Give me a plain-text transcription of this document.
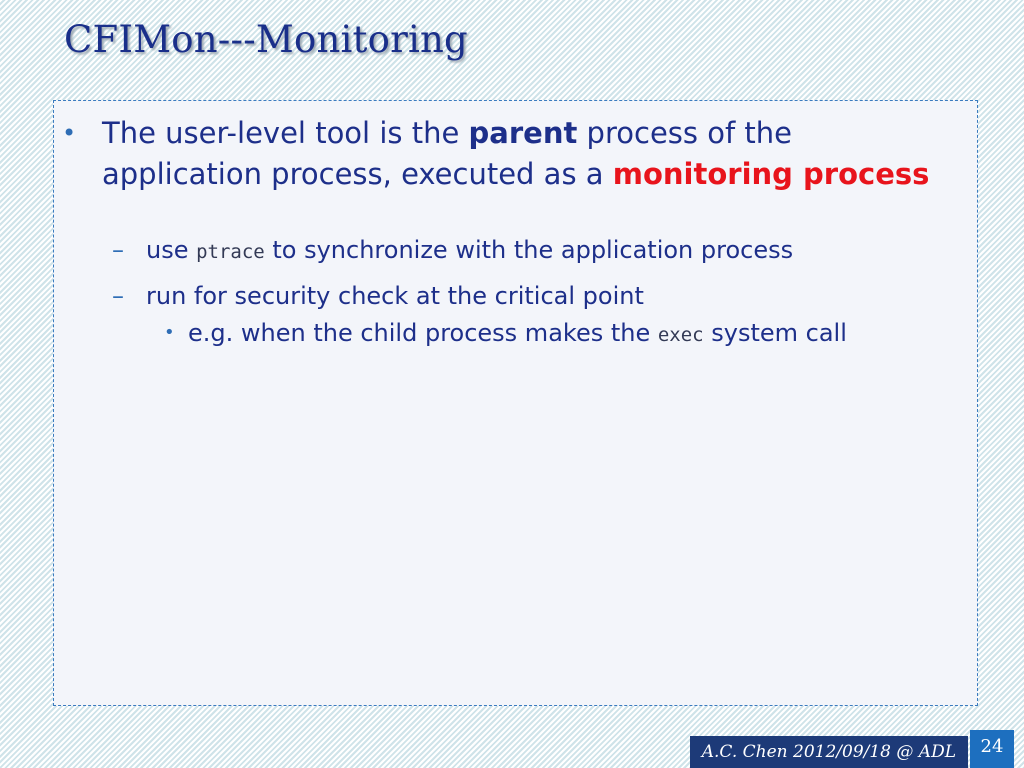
CFIMon---Monitoring
• The user-level tool is the parent process of the application process, executed as a monitoring process
– use ptrace to synchronize with the application process
– run for security check at the critical point
• e.g. when the child process makes the exec system call
A.C. Chen 2012/09/18 @ ADL	24
